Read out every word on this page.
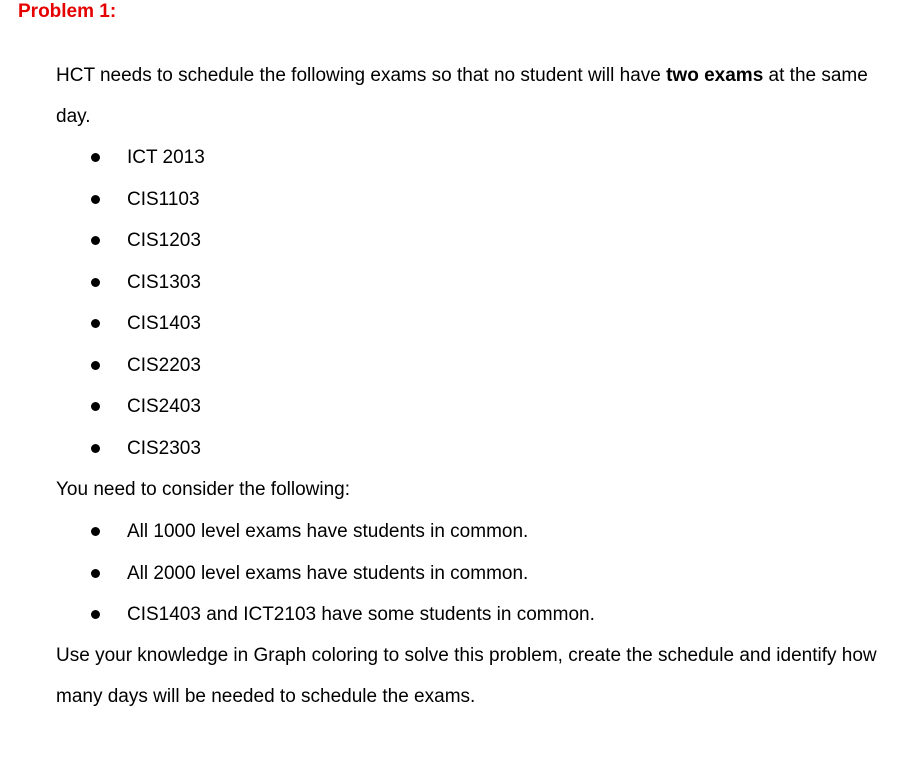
Problem 1:

HCT needs to schedule the following exams so that no student will have two exams at the same day.

ICT 2013
CIS1103
CIS1203
CIS1303
CIS1403
CIS2203
CIS2403
CIS2303

You need to consider the following:

All 1000 level exams have students in common.
All 2000 level exams have students in common.
CIS1403 and ICT2103 have some students in common.

Use your knowledge in Graph coloring to solve this problem, create the schedule and identify how many days will be needed to schedule the exams.
